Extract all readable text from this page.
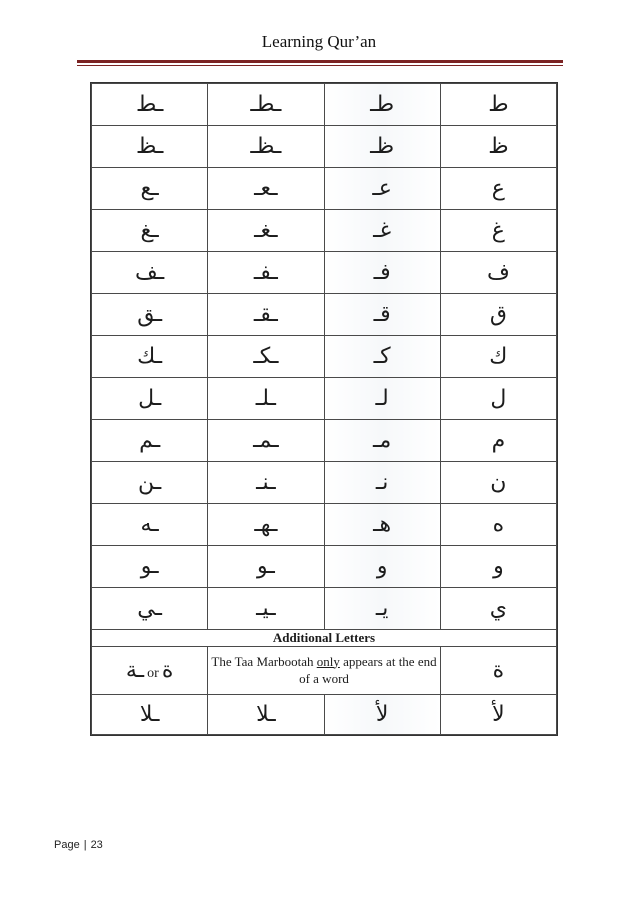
Learning Qur’an
ـط	ـطـ	طـ	ط
ـظ	ـظـ	ظـ	ظ
ـع	ـعـ	عـ	ع
ـغ	ـغـ	غـ	غ
ـف	ـفـ	فـ	ف
ـق	ـقـ	قـ	ق
ـك	ـكـ	كـ	ك
ـل	ـلـ	لـ	ل
ـم	ـمـ	مـ	م
ـن	ـنـ	نـ	ن
ـه	ـهـ	هـ	ه
ـو	ـو	و	و
ـي	ـيـ	يـ	ي
Additional Letters			
ـة or ة	The Taa Marbootah only appears at the end of a word		ة
ـلا	ـلا	لأ	لأ
Page | 23
